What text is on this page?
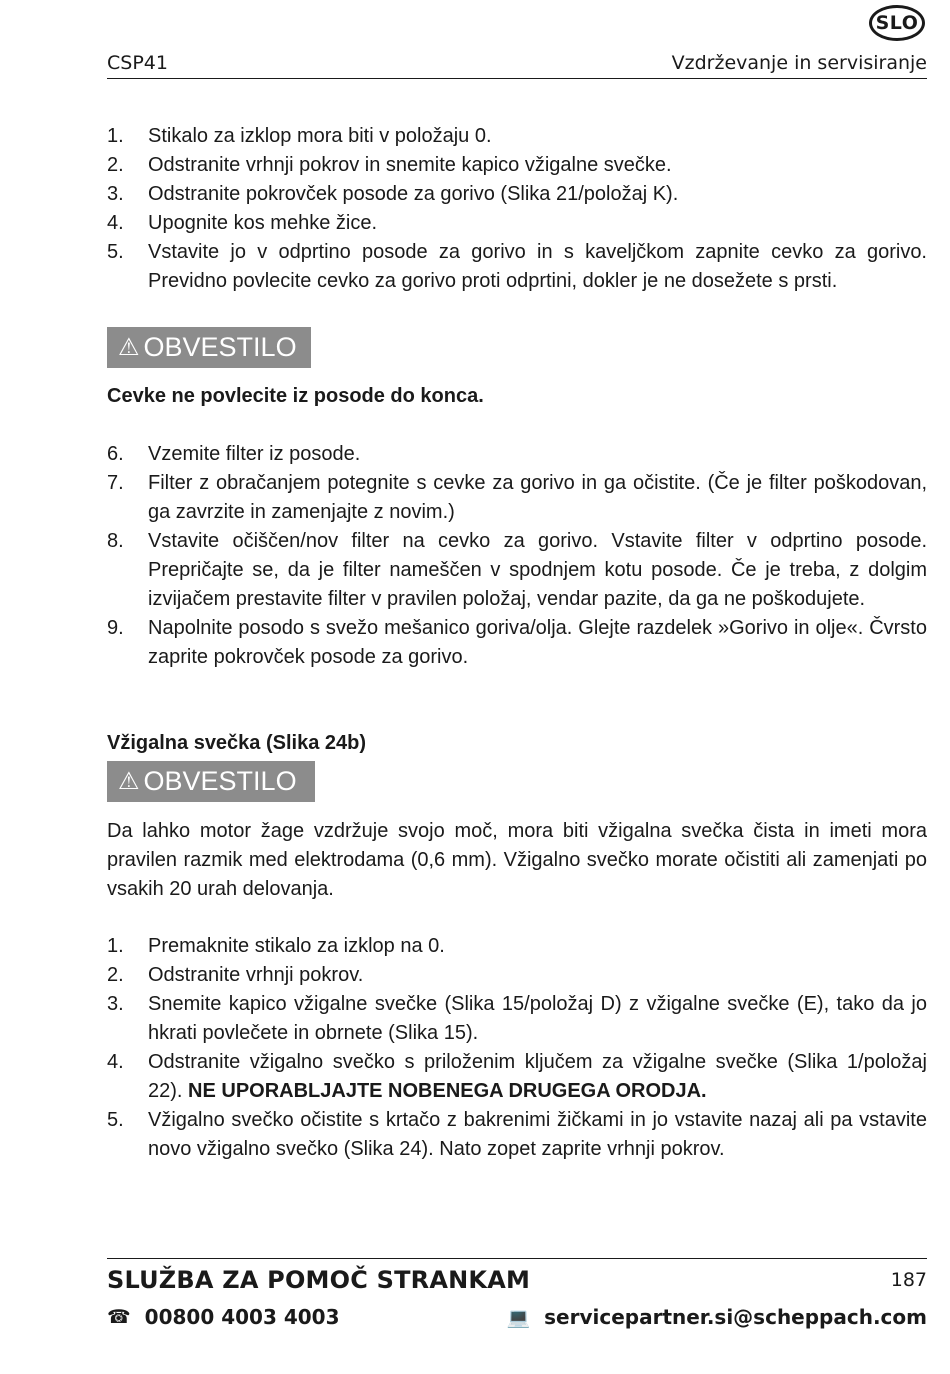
SLO
CSP41	Vzdrževanje in servisiranje
1. Stikalo za izklop mora biti v položaju 0.
2. Odstranite vrhnji pokrov in snemite kapico vžigalne svečke.
3. Odstranite pokrovček posode za gorivo (Slika 21/položaj K).
4. Upognite kos mehke žice.
5. Vstavite jo v odprtino posode za gorivo in s kaveljčkom zapnite cevko za gorivo. Previdno povlecite cevko za gorivo proti odprtini, dokler je ne dosežete s prsti.
⚠ OBVESTILO
Cevke ne povlecite iz posode do konca.
6. Vzemite filter iz posode.
7. Filter z obračanjem potegnite s cevke za gorivo in ga očistite. (Če je filter poškodovan, ga zavrzite in zamenjajte z novim.)
8. Vstavite očiščen/nov filter na cevko za gorivo. Vstavite filter v odprtino posode. Prepričajte se, da je filter nameščen v spodnjem kotu posode. Če je treba, z dolgim izvijačem prestavite filter v pravilen položaj, vendar pazite, da ga ne poškodujete.
9. Napolnite posodo s svežo mešanico goriva/olja. Glejte razdelek »Gorivo in olje«. Čvrsto zaprite pokrovček posode za gorivo.
Vžigalna svečka (Slika 24b)
⚠ OBVESTILO
Da lahko motor žage vzdržuje svojo moč, mora biti vžigalna svečka čista in imeti mora pravilen razmik med elektrodama (0,6 mm). Vžigalno svečko morate očistiti ali zamenjati po vsakih 20 urah delovanja.
1. Premaknite stikalo za izklop na 0.
2. Odstranite vrhnji pokrov.
3. Snemite kapico vžigalne svečke (Slika 15/položaj D) z vžigalne svečke (E), tako da jo hkrati povlečete in obrnete (Slika 15).
4. Odstranite vžigalno svečko s priloženim ključem za vžigalne svečke (Slika 1/položaj 22). NE UPORABLJAJTE NOBENEGA DRUGEGA ORODJA.
5. Vžigalno svečko očistite s krtačo z bakrenimi žičkami in jo vstavite nazaj ali pa vstavite novo vžigalno svečko (Slika 24). Nato zopet zaprite vrhnji pokrov.
SLUŽBA ZA POMOČ STRANKAM	187
☎ 00800 4003 4003	💻 servicepartner.si@scheppach.com
